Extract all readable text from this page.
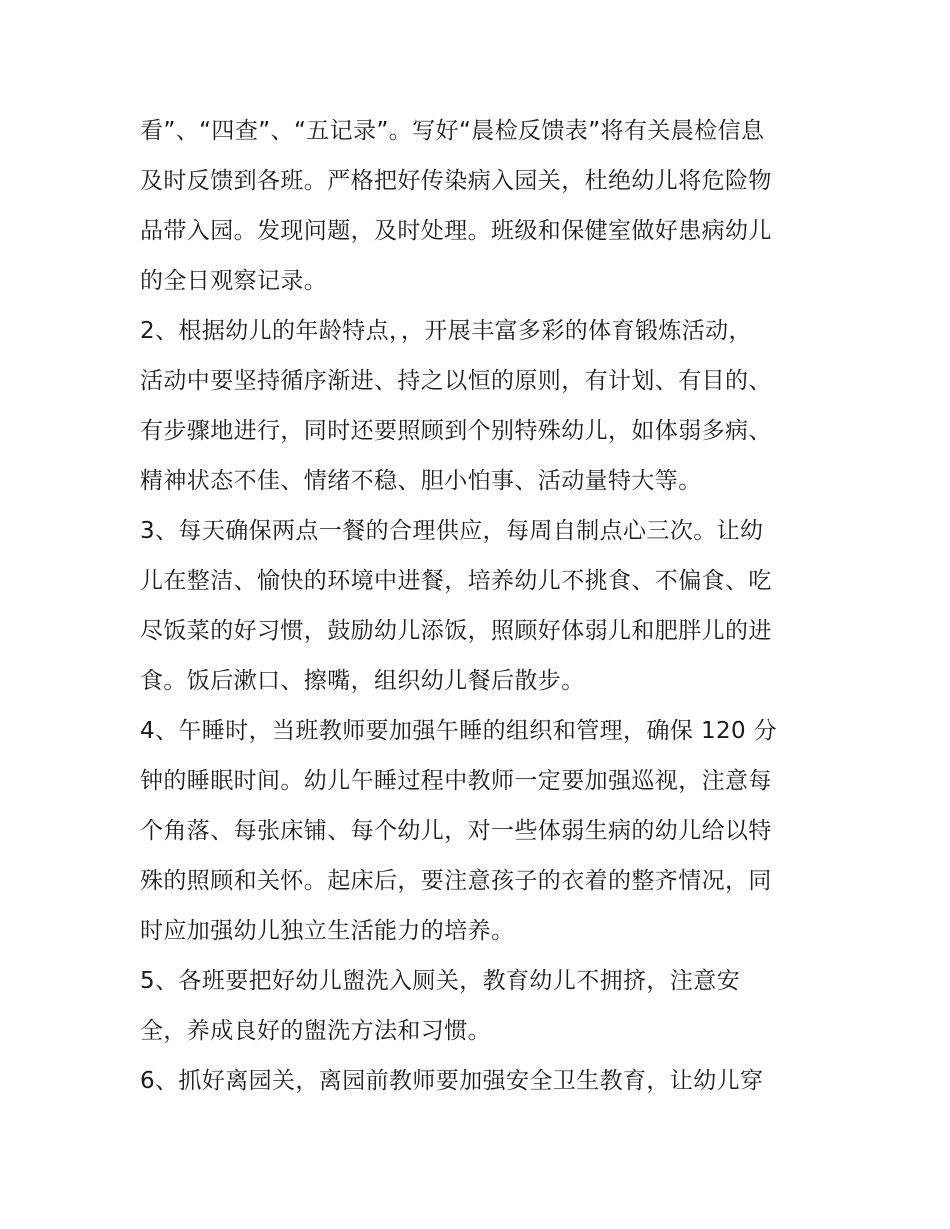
看”、“四查”、“五记录”。写好“晨检反馈表”将有关晨检信息
及时反馈到各班。严格把好传染病入园关，杜绝幼儿将危险物
品带入园。发现问题，及时处理。班级和保健室做好患病幼儿
的全日观察记录。
2、根据幼儿的年龄特点，，开展丰富多彩的体育锻炼活动，
活动中要坚持循序渐进、持之以恒的原则，有计划、有目的、
有步骤地进行，同时还要照顾到个别特殊幼儿，如体弱多病、
精神状态不佳、情绪不稳、胆小怕事、活动量特大等。
3、每天确保两点一餐的合理供应，每周自制点心三次。让幼
儿在整洁、愉快的环境中进餐，培养幼儿不挑食、不偏食、吃
尽饭菜的好习惯，鼓励幼儿添饭，照顾好体弱儿和肥胖儿的进
食。饭后漱口、擦嘴，组织幼儿餐后散步。
4、午睡时，当班教师要加强午睡的组织和管理，确保 120 分
钟的睡眠时间。幼儿午睡过程中教师一定要加强巡视，注意每
个角落、每张床铺、每个幼儿，对一些体弱生病的幼儿给以特
殊的照顾和关怀。起床后，要注意孩子的衣着的整齐情况，同
时应加强幼儿独立生活能力的培养。
5、各班要把好幼儿盥洗入厕关，教育幼儿不拥挤，注意安
全，养成良好的盥洗方法和习惯。
6、抓好离园关，离园前教师要加强安全卫生教育，让幼儿穿
